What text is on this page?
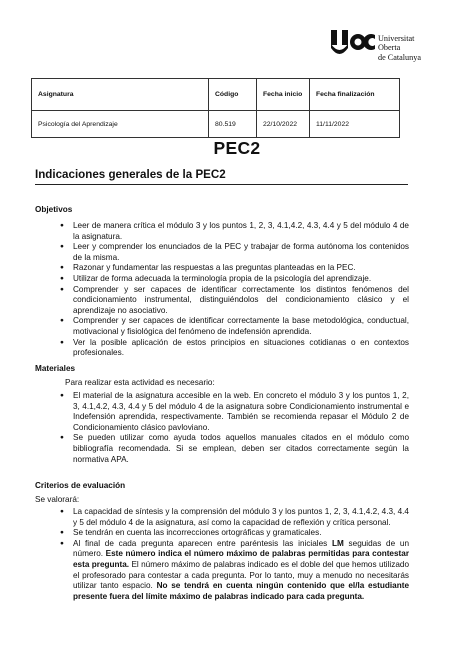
Universitat
Oberta
de Catalunya
Asignatura	Código	Fecha inicio	Fecha finalización
Psicología del Aprendizaje	80.519	22/10/2022	11/11/2022
PEC2
Indicaciones generales de la PEC2
Objetivos
● Leer de manera crítica el módulo 3 y los puntos 1, 2, 3, 4.1,4.2, 4.3, 4.4 y 5 del módulo 4 de la asignatura.
● Leer y comprender los enunciados de la PEC y trabajar de forma autónoma los contenidos de la misma.
● Razonar y fundamentar las respuestas a las preguntas planteadas en la PEC.
● Utilizar de forma adecuada la terminología propia de la psicología del aprendizaje.
● Comprender y ser capaces de identificar correctamente los distintos fenómenos del condicionamiento instrumental, distinguiéndolos del condicionamiento clásico y el aprendizaje no asociativo.
● Comprender y ser capaces de identificar correctamente la base metodológica, conductual, motivacional y fisiológica del fenómeno de indefensión aprendida.
● Ver la posible aplicación de estos principios en situaciones cotidianas o en contextos profesionales.
Materiales
Para realizar esta actividad es necesario:
● El material de la asignatura accesible en la web. En concreto el módulo 3 y los puntos 1, 2, 3, 4.1,4.2, 4.3, 4.4 y 5 del módulo 4 de la asignatura sobre Condicionamiento instrumental e Indefensión aprendida, respectivamente. También se recomienda repasar el Módulo 2 de Condicionamiento clásico pavloviano.
● Se pueden utilizar como ayuda todos aquellos manuales citados en el módulo como bibliografía recomendada. Si se emplean, deben ser citados correctamente según la normativa APA.
Criterios de evaluación
Se valorará:
● La capacidad de síntesis y la comprensión del módulo 3 y los puntos 1, 2, 3, 4.1,4.2, 4.3, 4.4 y 5 del módulo 4 de la asignatura, así como la capacidad de reflexión y crítica personal.
● Se tendrán en cuenta las incorrecciones ortográficas y gramaticales.
● Al final de cada pregunta aparecen entre paréntesis las iniciales LM seguidas de un número. Este número indica el número máximo de palabras permitidas para contestar esta pregunta. El número máximo de palabras indicado es el doble del que hemos utilizado el profesorado para contestar a cada pregunta. Por lo tanto, muy a menudo no necesitarás utilizar tanto espacio. No se tendrá en cuenta ningún contenido que el/la estudiante presente fuera del límite máximo de palabras indicado para cada pregunta.
